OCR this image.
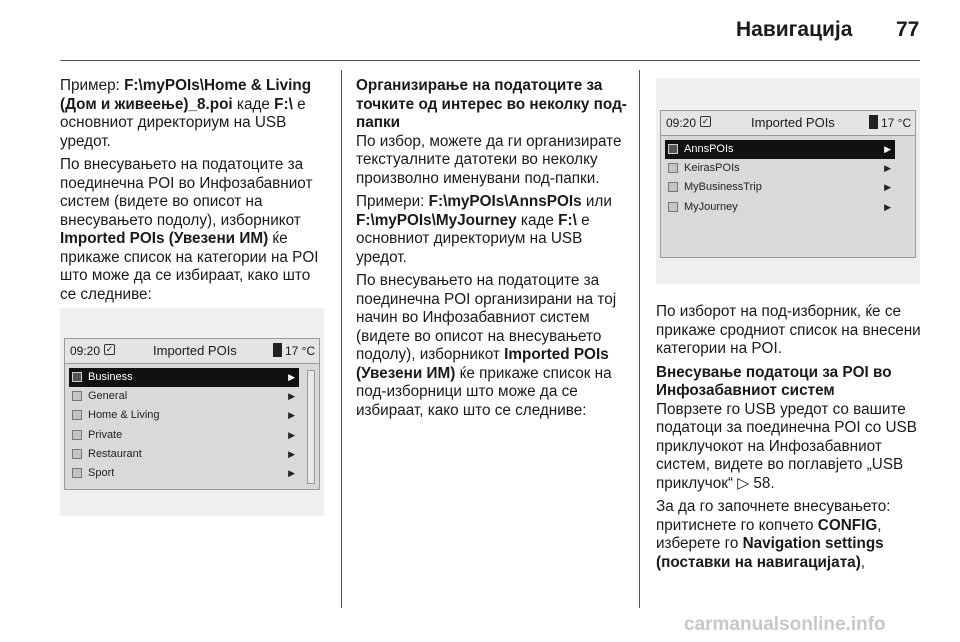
Навигација 77

Пример: F:\myPOIs\Home & Living (Дом и живеење)_8.poi каде F:\ е основниот директориум на USB уредот.

По внесувањето на податоците за поединечна POI во Инфозабавниот систем (видете во описот на внесувањето подолу), изборникот Imported POIs (Увезени ИМ) ќе прикаже список на категории на POI што може да се избираат, како што се следниве:

09:20 ✓	Imported POIs	17 °C
Business	▶
General	▶
Home & Living	▶
Private	▶
Restaurant	▶
Sport	▶
Организирање на податоците за точките од интерес во неколку под-папки

По избор, можете да ги организирате текстуалните датотеки во неколку произволно именувани под-папки.

Примери: F:\myPOIs\AnnsPOIs или F:\myPOIs\MyJourney каде F:\ е основниот директориум на USB уредот.

По внесувањето на податоците за поединечна POI организирани на тој начин во Инфозабавниот систем (видете во описот на внесувањето подолу), изборникот Imported POIs (Увезени ИМ) ќе прикаже список на под-изборници што може да се избираат, како што се следниве:

09:20 ✓	Imported POIs	17 °C
AnnsPOIs	▶
KeirasPOIs	▶
MyBusinessTrip	▶
MyJourney	▶

По изборот на под-изборник, ќе се прикаже сродниот список на внесени категории на POI.

Внесување податоци за POI во Инфозабавниот систем

Поврзете го USB уредот со вашите податоци за поединечна POI со USB приклучокот на Инфозабавниот систем, видете во поглавјето „USB приклучок“ ▷ 58.

За да го започнете внесувањето: притиснете го копчето CONFIG, изберете го Navigation settings (поставки на навигацијата),

carmanualsonline.info
